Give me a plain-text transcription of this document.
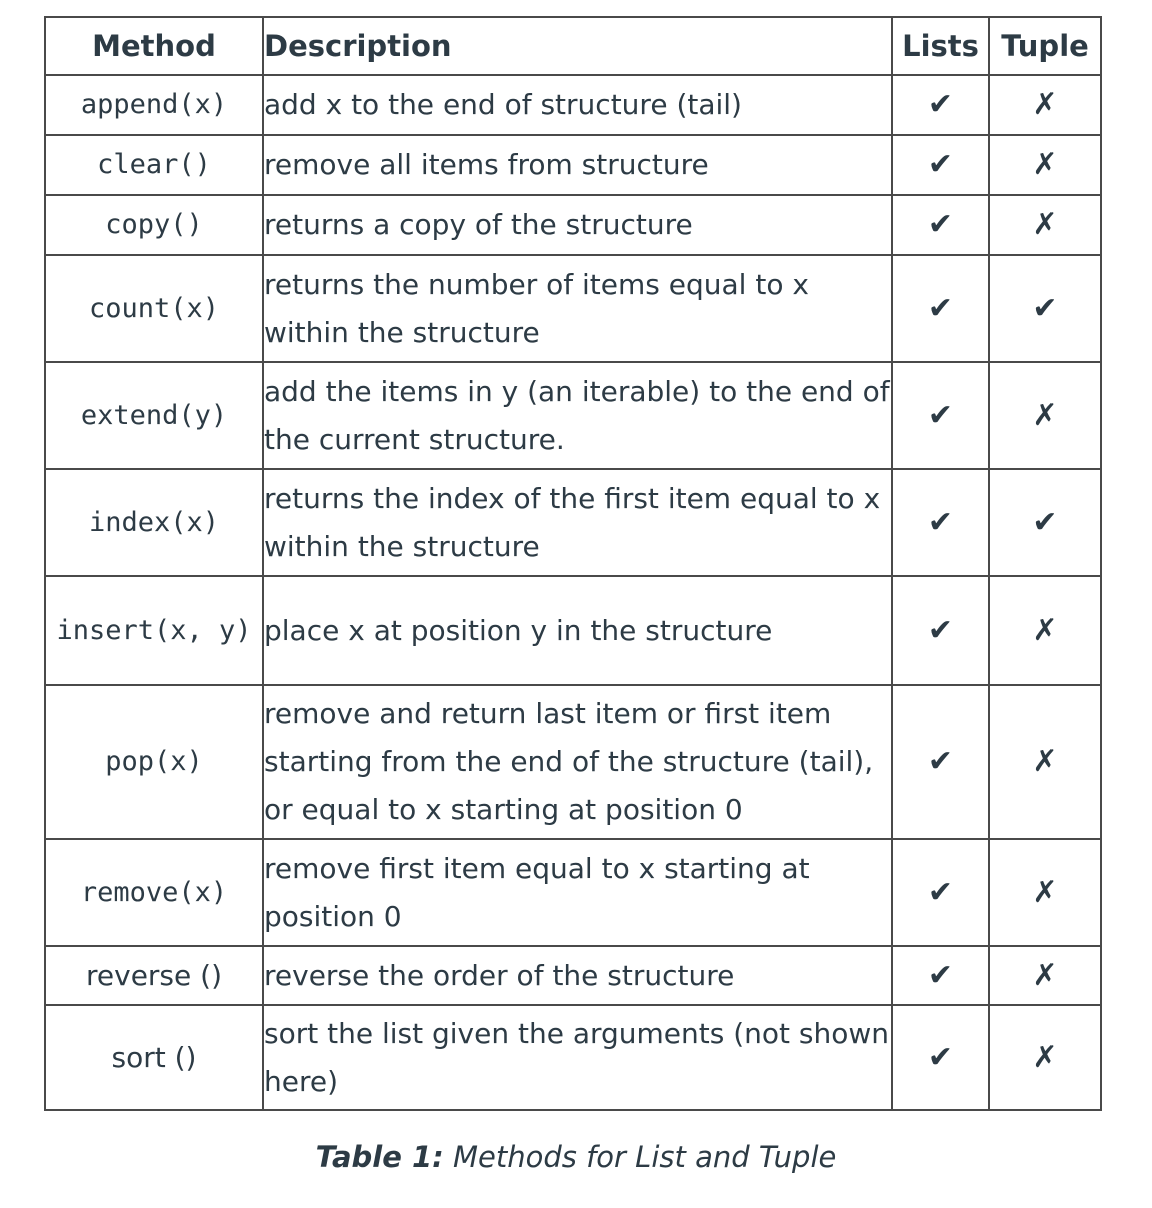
Method	Description	Lists	Tuple
append(x)	add x to the end of structure (tail)	✔	✗
clear()	remove all items from structure	✔	✗
copy()	returns a copy of the structure	✔	✗
count(x)	returns the number of items equal to x within the structure	✔	✔
extend(y)	add the items in y (an iterable) to the end of the current structure.	✔	✗
index(x)	returns the index of the first item equal to x within the structure	✔	✔
insert(x, y)	place x at position y in the structure	✔	✗
pop(x)	remove and return last item or first item starting from the end of the structure (tail), or equal to x starting at position 0	✔	✗
remove(x)	remove first item equal to x starting at position 0	✔	✗
reverse ()	reverse the order of the structure	✔	✗
sort ()	sort the list given the arguments (not shown here)	✔	✗
Table 1: Methods for List and Tuple
